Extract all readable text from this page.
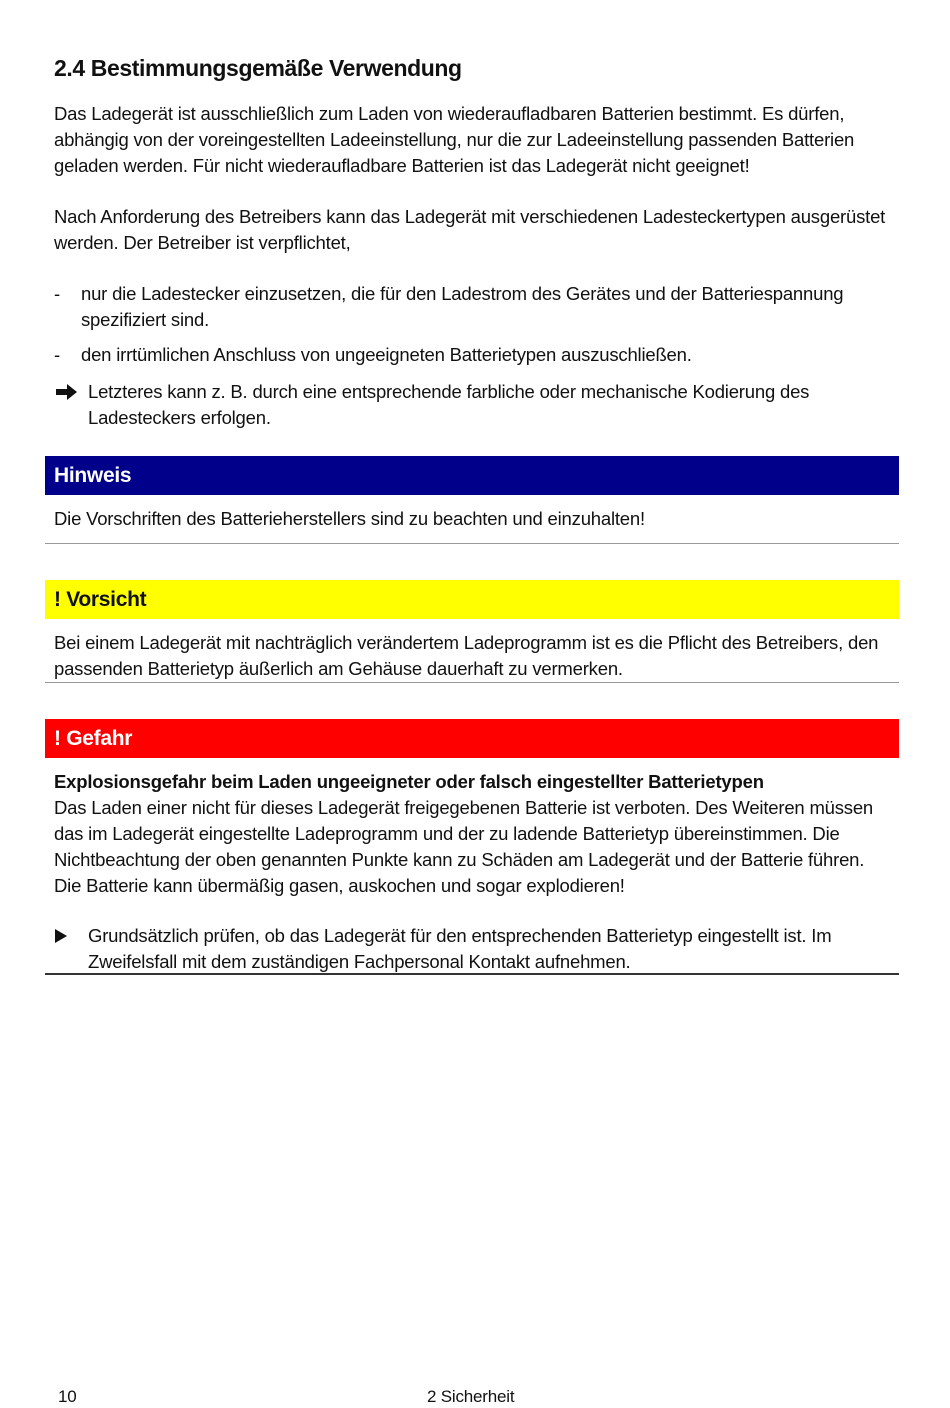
2.4 Bestimmungsgemäße Verwendung

Das Ladegerät ist ausschließlich zum Laden von wiederaufladbaren Batterien bestimmt. Es dürfen, abhängig von der voreingestellten Ladeeinstellung, nur die zur Ladeeinstellung passenden Batterien geladen werden. Für nicht wiederaufladbare Batterien ist das Ladegerät nicht geeignet!

Nach Anforderung des Betreibers kann das Ladegerät mit verschiedenen Ladesteckertypen ausgerüstet werden. Der Betreiber ist verpflichtet,

- nur die Ladestecker einzusetzen, die für den Ladestrom des Gerätes und der Batteriespannung spezifiziert sind.
- den irrtümlichen Anschluss von ungeeigneten Batterietypen auszuschließen.
Letzteres kann z. B. durch eine entsprechende farbliche oder mechanische Kodierung des Ladesteckers erfolgen.
Hinweis
Die Vorschriften des Batterieherstellers sind zu beachten und einzuhalten!
! Vorsicht
Bei einem Ladegerät mit nachträglich verändertem Ladeprogramm ist es die Pflicht des Betreibers, den passenden Batterietyp äußerlich am Gehäuse dauerhaft zu vermerken.
! Gefahr
Explosionsgefahr beim Laden ungeeigneter oder falsch eingestellter Batterietypen
Das Laden einer nicht für dieses Ladegerät freigegebenen Batterie ist verboten. Des Weiteren müssen das im Ladegerät eingestellte Ladeprogramm und der zu ladende Batterietyp übereinstimmen. Die Nichtbeachtung der oben genannten Punkte kann zu Schäden am Ladegerät und der Batterie führen. Die Batterie kann übermäßig gasen, auskochen und sogar explodieren!
Grundsätzlich prüfen, ob das Ladegerät für den entsprechenden Batterietyp eingestellt ist. Im Zweifelsfall mit dem zuständigen Fachpersonal Kontakt aufnehmen.
10	2 Sicherheit
